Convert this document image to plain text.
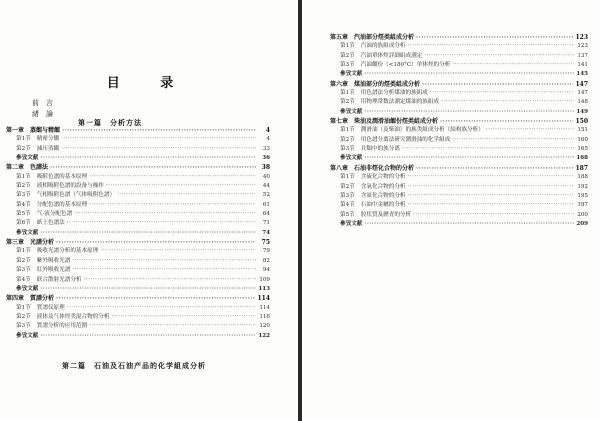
目 录
前　言
緒　論
第一篇　分析方法
第一章 蒸餾与精餾 ·····	4
第1节 精密分餾 ·····	4
第2节 減压蒸餾 ·····	33
參攷文献 ·····	36
第二章 色譜法 ·····	38
第1节 吸附色譜的基本原理 ·····	40
第2节 液相吸附色譜的設备与操作 ·····	44
第3节 气相吸附色譜（气体吸附色譜） ·····	52
第4节 分配色譜的基本原理 ·····	61
第5节 气-液分配色譜 ·····	64
第6节 紙上色譜法 ·····	71
參攷文献 ·····	74
第三章 光譜分析 ·····	75
第1节 吸收光譜分析的基本原理 ·····	79
第2节 紫外吸收光譜 ·····	82
第3节 紅外吸收光譜 ·····	94
第4节 联合散射光譜分析 ·····	109
參攷文献 ·····	113
第四章 質譜分析 ·····	114
第1节 質譜仪原理 ·····	114
第2节 液体及气体烴类混合物的分析 ·····	116
第3节 質譜分析的应用范圍 ·····	120
參攷文献 ·····	122
第二篇　石油及石油产品的化学組成分析
第五章 汽油部分烴类組成分析 ·····	123
第1节 汽油的族組成分析 ·····	123
第2节 汽油單体烴詳細組成測定 ·····	137
第3节 汽油餾份（<180°C）单体烴的分析 ·····	141
參攷文献 ·····	145
第六章 煤油部分的烴类組成分析 ·····	147
第1节 用色譜法分析煤油的族組成 ·····	147
第2节 用物理常数法測定煤油的族組成 ·····	148
參攷文献 ·····	149
第七章 柴油及潤滑油餾份烴类組成分析 ·····	150
第1节 潤滑油（及柴油）的族类組成分析（結构族分析） ·····	151
第2节 用色譜分离法研究潤滑油的化学組成 ·····	160
第3节 貝類中的族分离 ·····	165
參攷文献 ·····	168
第八章 石油非烴化合物的分析 ·····	187
第1节 含硫化合物的分析 ·····	188
第2节 含氧化合物的分析 ·····	192
第3节 含氮化合物的分析 ·····	195
第4节 石油中金屬的分析 ·····	197
第5节 胶状質及瀝青的分析 ·····	200
參攷文献 ·····	209
